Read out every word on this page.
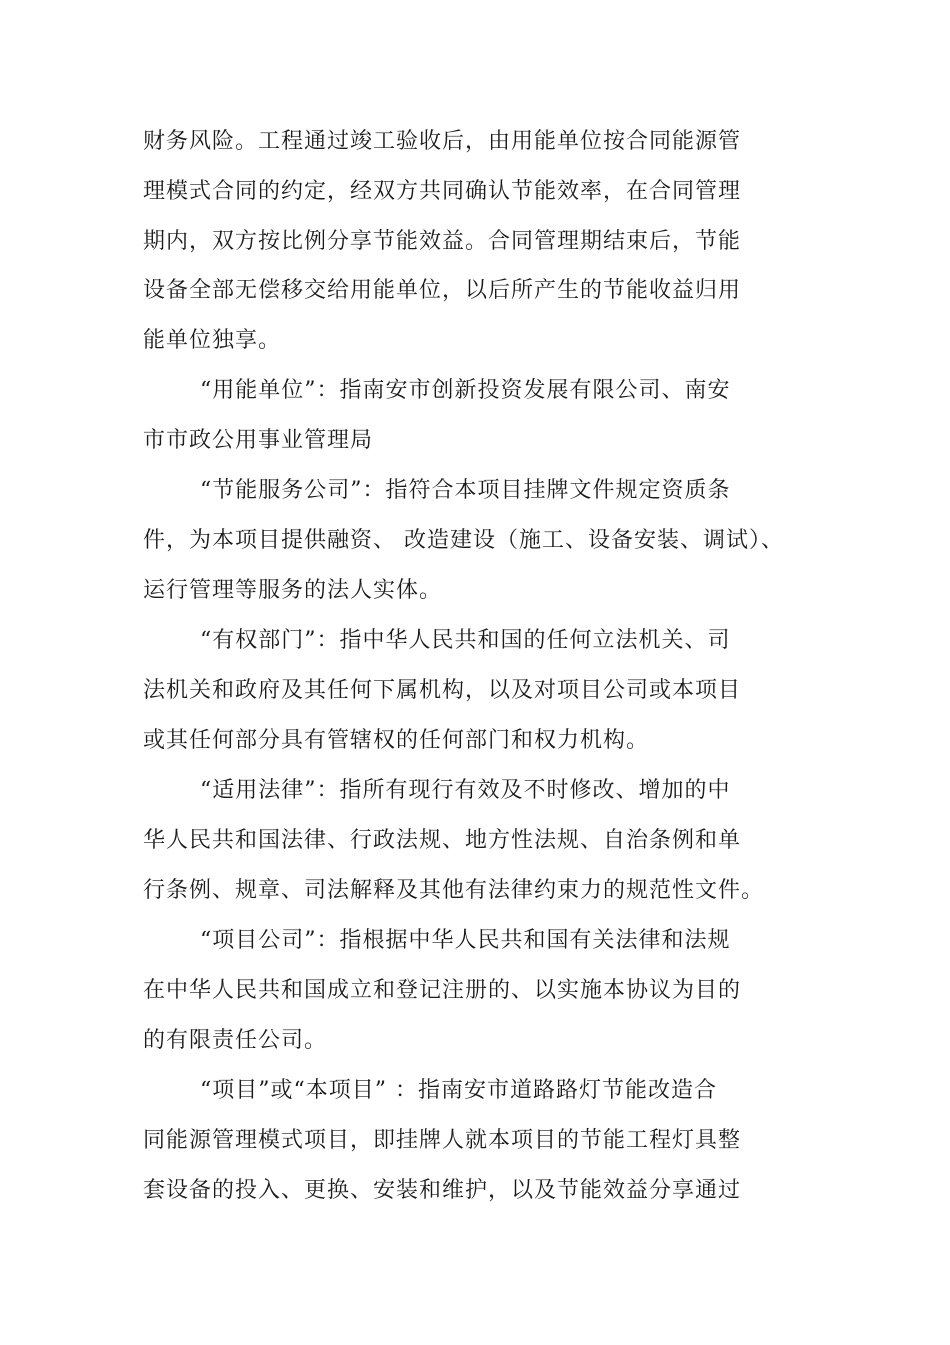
财务风险。工程通过竣工验收后，由用能单位按合同能源管
理模式合同的约定，经双方共同确认节能效率，在合同管理
期内，双方按比例分享节能效益。合同管理期结束后，节能
设备全部无偿移交给用能单位，以后所产生的节能收益归用
能单位独享。
“用能单位”：指南安市创新投资发展有限公司、南安
市市政公用事业管理局
“节能服务公司”：指符合本项目挂牌文件规定资质条
件，为本项目提供融资、 改造建设（施工、设备安装、调试）、
运行管理等服务的法人实体。
“有权部门”：指中华人民共和国的任何立法机关、司
法机关和政府及其任何下属机构，以及对项目公司或本项目
或其任何部分具有管辖权的任何部门和权力机构。
“适用法律”：指所有现行有效及不时修改、增加的中
华人民共和国法律、行政法规、地方性法规、自治条例和单
行条例、规章、司法解释及其他有法律约束力的规范性文件。
“项目公司”：指根据中华人民共和国有关法律和法规
在中华人民共和国成立和登记注册的、以实施本协议为目的
的有限责任公司。
“项目”或“本项目” ：指南安市道路路灯节能改造合
同能源管理模式项目，即挂牌人就本项目的节能工程灯具整
套设备的投入、更换、安装和维护，以及节能效益分享通过
